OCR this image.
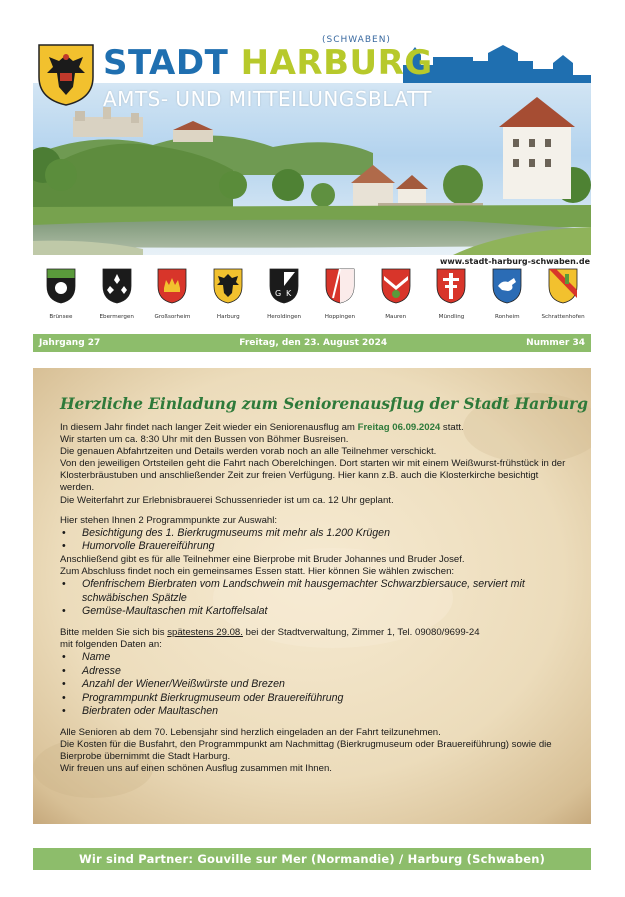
STADT HARBURG
(SCHWABEN)
AMTS- UND MITTEILUNGSBLATT
www.stadt-harburg-schwaben.de
Brünsee	Ebermergen	Großsorheim	Harburg
G K
Heroldingen	Hoppingen	Mauren	Mündling	Ronheim	Schrattenhofen
Jahrgang 27	Freitag, den 23. August 2024	Nummer 34
Herzliche Einladung zum Seniorenausflug der Stadt Harburg

In diesem Jahr findet nach langer Zeit wieder ein Seniorenausflug am Freitag 06.09.2024 statt.

Wir starten um ca. 8:30 Uhr mit den Bussen von Böhmer Busreisen.

Die genauen Abfahrtzeiten und Details werden vorab noch an alle Teilnehmer verschickt.

Von den jeweiligen Ortsteilen geht die Fahrt nach Oberelchingen. Dort starten wir mit einem Weißwurst-frühstück in der Klosterbräustuben und anschließender Zeit zur freien Verfügung. Hier kann z.B. auch die Klosterkirche besichtigt werden.

Die Weiterfahrt zur Erlebnisbrauerei Schussenrieder ist um ca. 12 Uhr geplant.

Hier stehen Ihnen 2 Programmpunkte zur Auswahl:

•	Besichtigung des 1. Bierkrugmuseums mit mehr als 1.200 Krügen
•	Humorvolle Brauereiführung

Anschließend gibt es für alle Teilnehmer eine Bierprobe mit Bruder Johannes und Bruder Josef.

Zum Abschluss findet noch ein gemeinsames Essen statt. Hier können Sie wählen zwischen:

•	Ofenfrischem Bierbraten vom Landschwein mit hausgemachter Schwarzbiersauce, serviert mit schwäbischen Spätzle
•	Gemüse-Maultaschen mit Kartoffelsalat

Bitte melden Sie sich bis spätestens 29.08. bei der Stadtverwaltung, Zimmer 1, Tel. 09080/9699-24

mit folgenden Daten an:

•	Name
•	Adresse
•	Anzahl der Wiener/Weißwürste und Brezen
•	Programmpunkt Bierkrugmuseum oder Brauereiführung
•	Bierbraten oder Maultaschen

Alle Senioren ab dem 70. Lebensjahr sind herzlich eingeladen an der Fahrt teilzunehmen.

Die Kosten für die Busfahrt, den Programmpunkt am Nachmittag (Bierkrugmuseum oder Brauereiführung) sowie die Bierprobe übernimmt die Stadt Harburg.

Wir freuen uns auf einen schönen Ausflug zusammen mit Ihnen.

Wir sind Partner: Gouville sur Mer (Normandie) / Harburg (Schwaben)
